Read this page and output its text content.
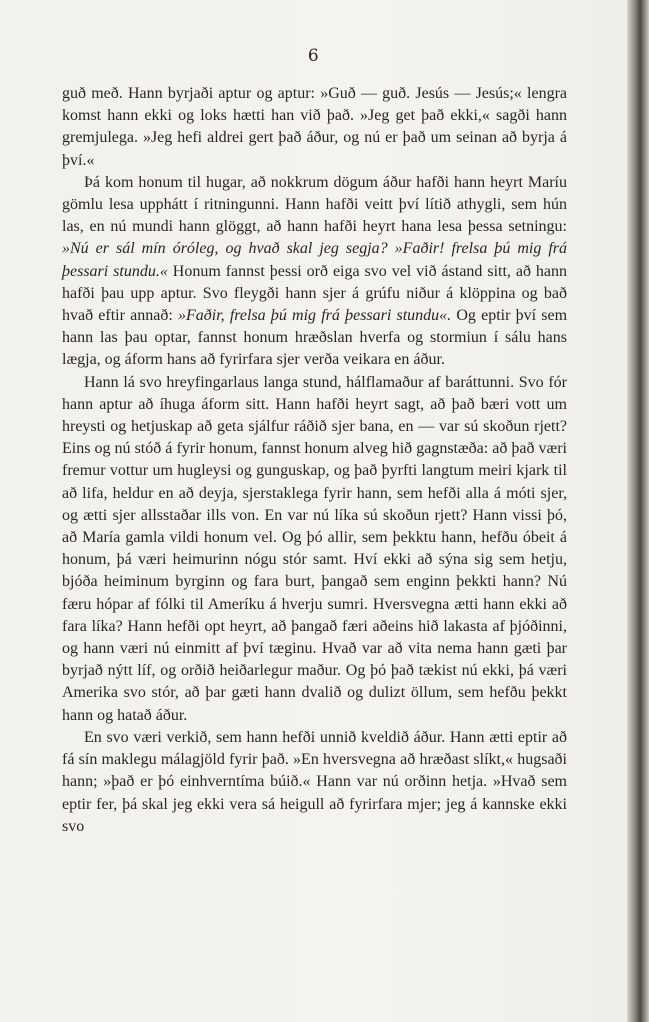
6

guð með. Hann byrjaði aptur og aptur: »Guð — guð. Jesús — Jesús;« lengra komst hann ekki og loks hætti han við það. »Jeg get það ekki,« sagði hann gremjulega. »Jeg hefi aldrei gert það áður, og nú er það um seinan að byrja á því.«

Þá kom honum til hugar, að nokkrum dögum áður hafði hann heyrt Maríu gömlu lesa upphátt í ritningunni. Hann hafði veitt því lítið athygli, sem hún las, en nú mundi hann glöggt, að hann hafði heyrt hana lesa þessa setningu: »Nú er sál mín óróleg, og hvað skal jeg segja? »Faðir! frelsa þú mig frá þessari stundu.« Honum fannst þessi orð eiga svo vel við ástand sitt, að hann hafði þau upp aptur. Svo fleygði hann sjer á grúfu niður á klöppina og bað hvað eftir annað: »Faðir, frelsa þú mig frá þessari stundu«. Og eptir því sem hann las þau optar, fannst honum hræðslan hverfa og stormiun í sálu hans lægja, og áform hans að fyrirfara sjer verða veikara en áður.

Hann lá svo hreyfingarlaus langa stund, hálflamaður af baráttunni. Svo fór hann aptur að íhuga áform sitt. Hann hafði heyrt sagt, að það bæri vott um hreysti og hetjuskap að geta sjálfur ráðið sjer bana, en — var sú skoðun rjett? Eins og nú stóð á fyrir honum, fannst honum alveg hið gagnstæða: að það væri fremur vottur um hugleysi og gunguskap, og það þyrfti langtum meiri kjark til að lifa, heldur en að deyja, sjerstaklega fyrir hann, sem hefði alla á móti sjer, og ætti sjer allsstaðar ills von. En var nú líka sú skoðun rjett? Hann vissi þó, að María gamla vildi honum vel. Og þó allir, sem þekktu hann, hefðu óbeit á honum, þá væri heimurinn nógu stór samt. Hví ekki að sýna sig sem hetju, bjóða heiminum byrginn og fara burt, þangað sem enginn þekkti hann? Nú færu hópar af fólki til Ameríku á hverju sumri. Hversvegna ætti hann ekki að fara líka? Hann hefði opt heyrt, að þangað færi aðeins hið lakasta af þjóðinni, og hann væri nú einmitt af því tæginu. Hvað var að vita nema hann gæti þar byrjað nýtt líf, og orðið heiðarlegur maður. Og þó það tækist nú ekki, þá væri Amerika svo stór, að þar gæti hann dvalið og dulizt öllum, sem hefðu þekkt hann og hatað áður.

En svo væri verkið, sem hann hefði unnið kveldið áður. Hann ætti eptir að fá sín maklegu málagjöld fyrir það. »En hversvegna að hræðast slíkt,« hugsaði hann; »það er þó einhverntíma búið.« Hann var nú orðinn hetja. »Hvað sem eptir fer, þá skal jeg ekki vera sá heigull að fyrirfara mjer; jeg á kannske ekki svo
